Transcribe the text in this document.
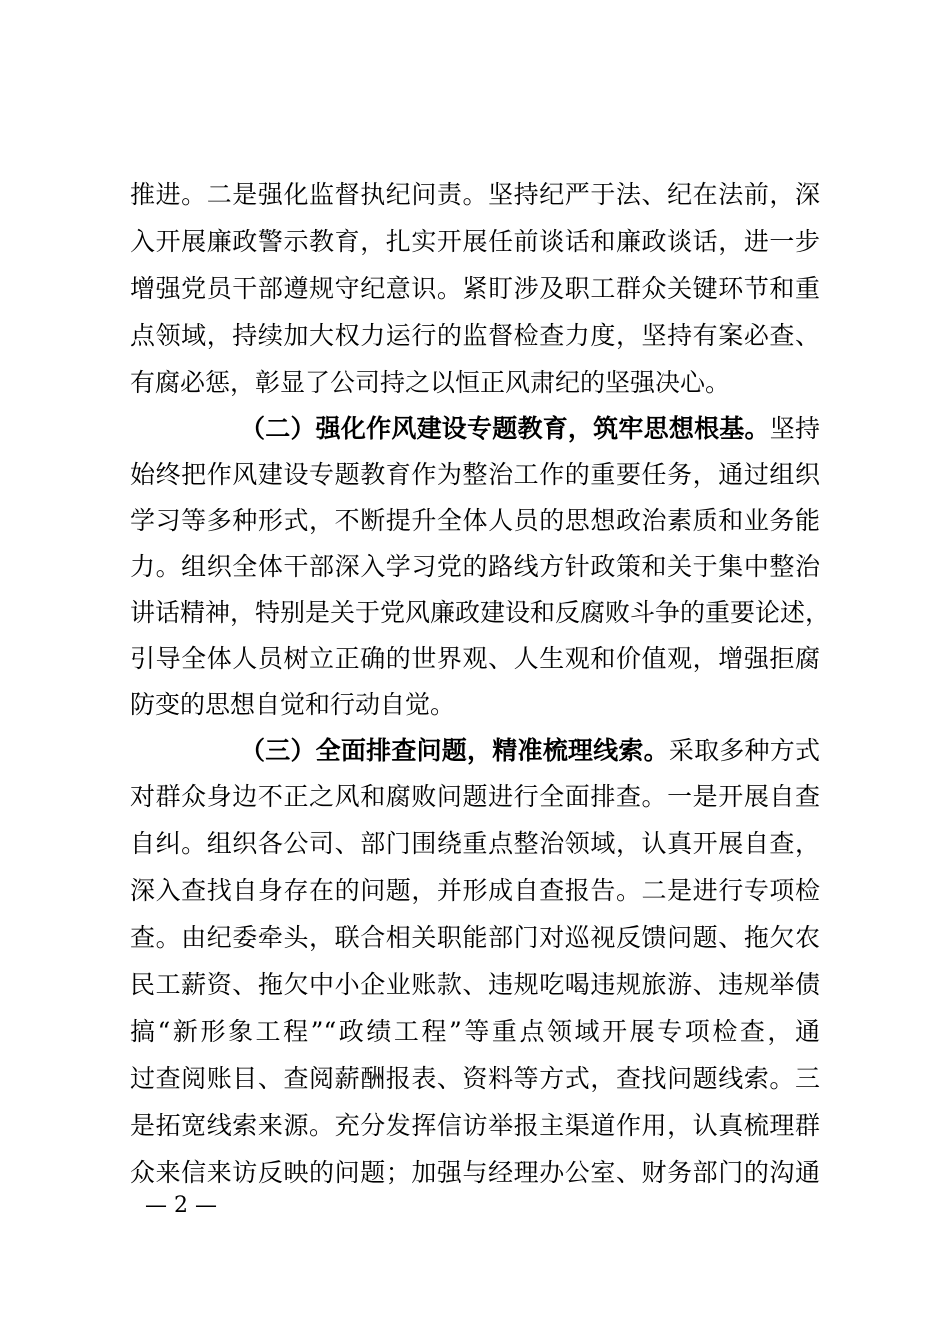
推进。二是强化监督执纪问责。坚持纪严于法、纪在法前，深
入开展廉政警示教育，扎实开展任前谈话和廉政谈话，进一步
增强党员干部遵规守纪意识。紧盯涉及职工群众关键环节和重
点领域，持续加大权力运行的监督检查力度，坚持有案必查、
有腐必惩，彰显了公司持之以恒正风肃纪的坚强决心。
（二）强化作风建设专题教育，筑牢思想根基。坚持
始终把作风建设专题教育作为整治工作的重要任务，通过组织
学习等多种形式，不断提升全体人员的思想政治素质和业务能
力。组织全体干部深入学习党的路线方针政策和关于集中整治
讲话精神，特别是关于党风廉政建设和反腐败斗争的重要论述，
引导全体人员树立正确的世界观、人生观和价值观，增强拒腐
防变的思想自觉和行动自觉。
（三）全面排查问题，精准梳理线索。采取多种方式
对群众身边不正之风和腐败问题进行全面排查。一是开展自查
自纠。组织各公司、部门围绕重点整治领域，认真开展自查，
深入查找自身存在的问题，并形成自查报告。二是进行专项检
查。由纪委牵头，联合相关职能部门对巡视反馈问题、拖欠农
民工薪资、拖欠中小企业账款、违规吃喝违规旅游、违规举债
搞“新形象工程”“政绩工程”等重点领域开展专项检查，通
过查阅账目、查阅薪酬报表、资料等方式，查找问题线索。三
是拓宽线索来源。充分发挥信访举报主渠道作用，认真梳理群
众来信来访反映的问题；加强与经理办公室、财务部门的沟通
— 2 —
